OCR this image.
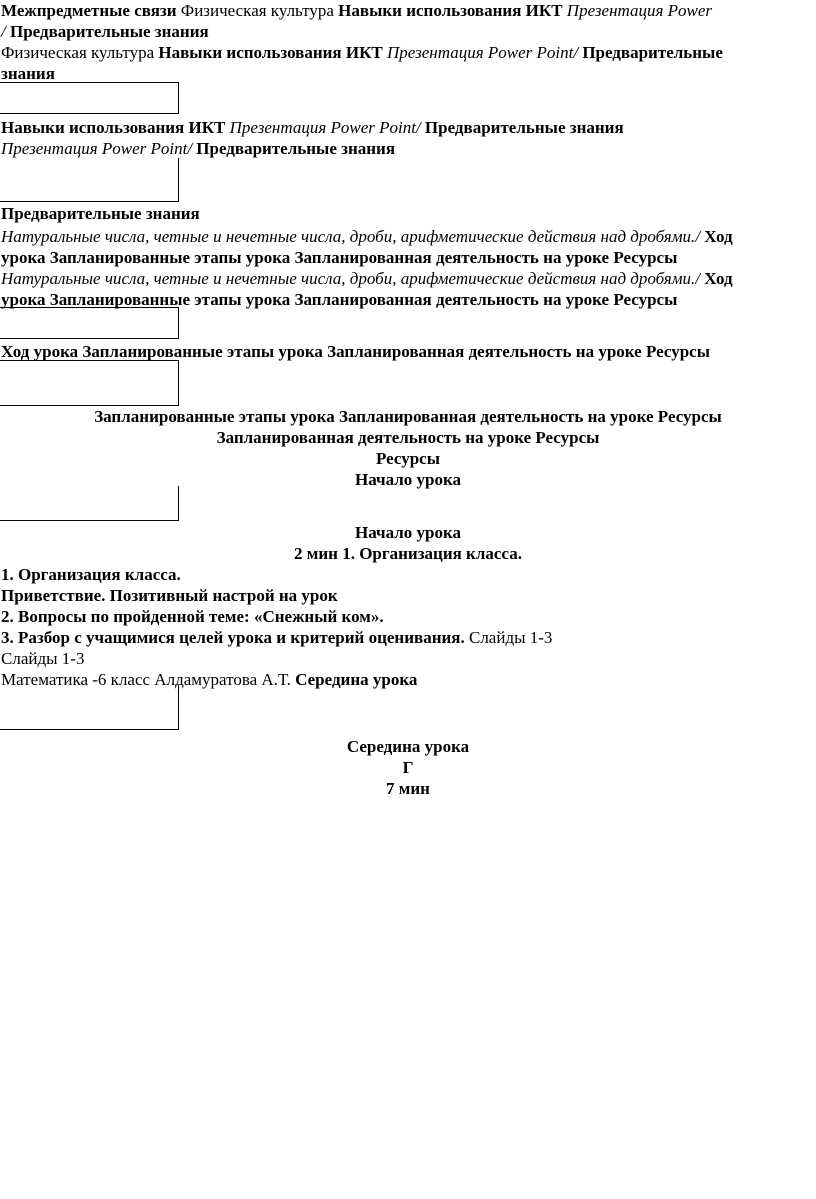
Межпредметные связи Физическая культура Навыки использования ИКТ Презентация Power
/ Предварительные знания
Физическая культура Навыки использования ИКТ Презентация Power Point/ Предварительные
знания
Навыки использования ИКТ Презентация Power Point/ Предварительные знания
Презентация Power Point/ Предварительные знания
Предварительные знания
Натуральные числа, четные и нечетные числа, дроби, арифметические действия над дробями./ Ход
урока Запланированные этапы урока Запланированная деятельность на уроке Ресурсы
Натуральные числа, четные и нечетные числа, дроби, арифметические действия над дробями./ Ход
урока Запланированные этапы урока Запланированная деятельность на уроке Ресурсы
Ход урока Запланированные этапы урока Запланированная деятельность на уроке Ресурсы
Запланированные этапы урока Запланированная деятельность на уроке Ресурсы
Запланированная деятельность на уроке Ресурсы
Ресурсы
Начало урока
Начало урока
2 мин 1. Организация класса.
1. Организация класса.
Приветствие. Позитивный настрой на урок
2. Вопросы по пройденной теме: «Снежный ком».
3. Разбор с учащимися целей урока и критерий оценивания. Слайды 1-3
Слайды 1-3
Математика -6 класс Алдамуратова А.Т. Середина урока
Середина урока
Г
7 мин
